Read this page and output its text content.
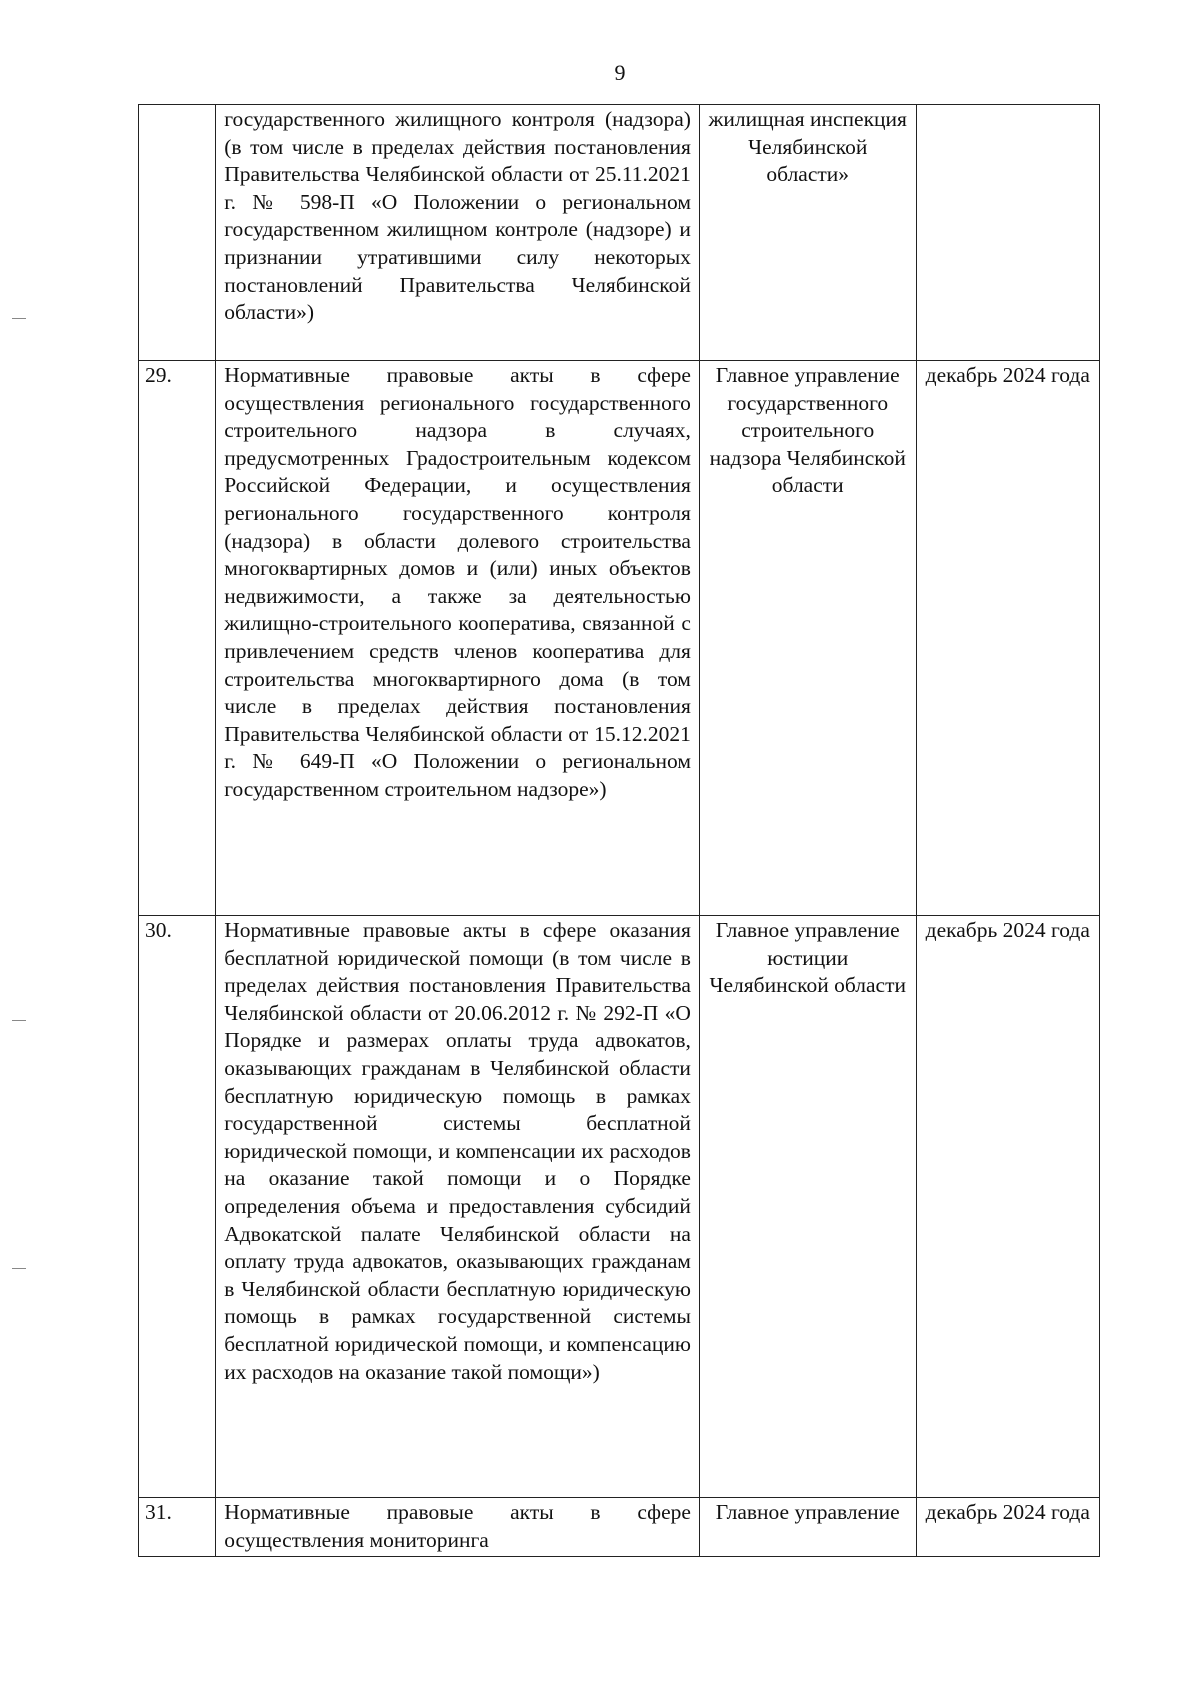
9
	государственного жилищного контроля (надзора) (в том числе в пределах действия постановления Правительства Челябинской области от 25.11.2021 г. № 598-П «О Положении о региональном государственном жилищном контроле (надзоре) и признании утратившими силу некоторых постановлений Правительства Челябинской области»)	жилищная инспекция Челябинской области»	
29.	Нормативные правовые акты в сфере осуществления регионального государственного строительного надзора в случаях, предусмотренных Градостроительным кодексом Российской Федерации, и осуществления регионального государственного контроля (надзора) в области долевого строительства многоквартирных домов и (или) иных объектов недвижимости, а также за деятельностью жилищно-строительного кооператива, связанной с привлечением средств членов кооператива для строительства многоквартирного дома (в том числе в пределах действия постановления Правительства Челябинской области от 15.12.2021 г. № 649-П «О Положении о региональном государственном строительном надзоре»)	Главное управление государственного строительного надзора Челябинской области	декабрь 2024 года
30.	Нормативные правовые акты в сфере оказания бесплатной юридической помощи (в том числе в пределах действия постановления Правительства Челябинской области от 20.06.2012 г. № 292-П «О Порядке и размерах оплаты труда адвокатов, оказывающих гражданам в Челябинской области бесплатную юридическую помощь в рамках государственной системы бесплатной юридической помощи, и компенсации их расходов на оказание такой помощи и о Порядке определения объема и предоставления субсидий Адвокатской палате Челябинской области на оплату труда адвокатов, оказывающих гражданам в Челябинской области бесплатную юридическую помощь в рамках государственной системы бесплатной юридической помощи, и компенсацию их расходов на оказание такой помощи»)	Главное управление юстиции Челябинской области	декабрь 2024 года
31.	Нормативные правовые акты в сфере осуществления мониторинга	Главное управление	декабрь 2024 года
